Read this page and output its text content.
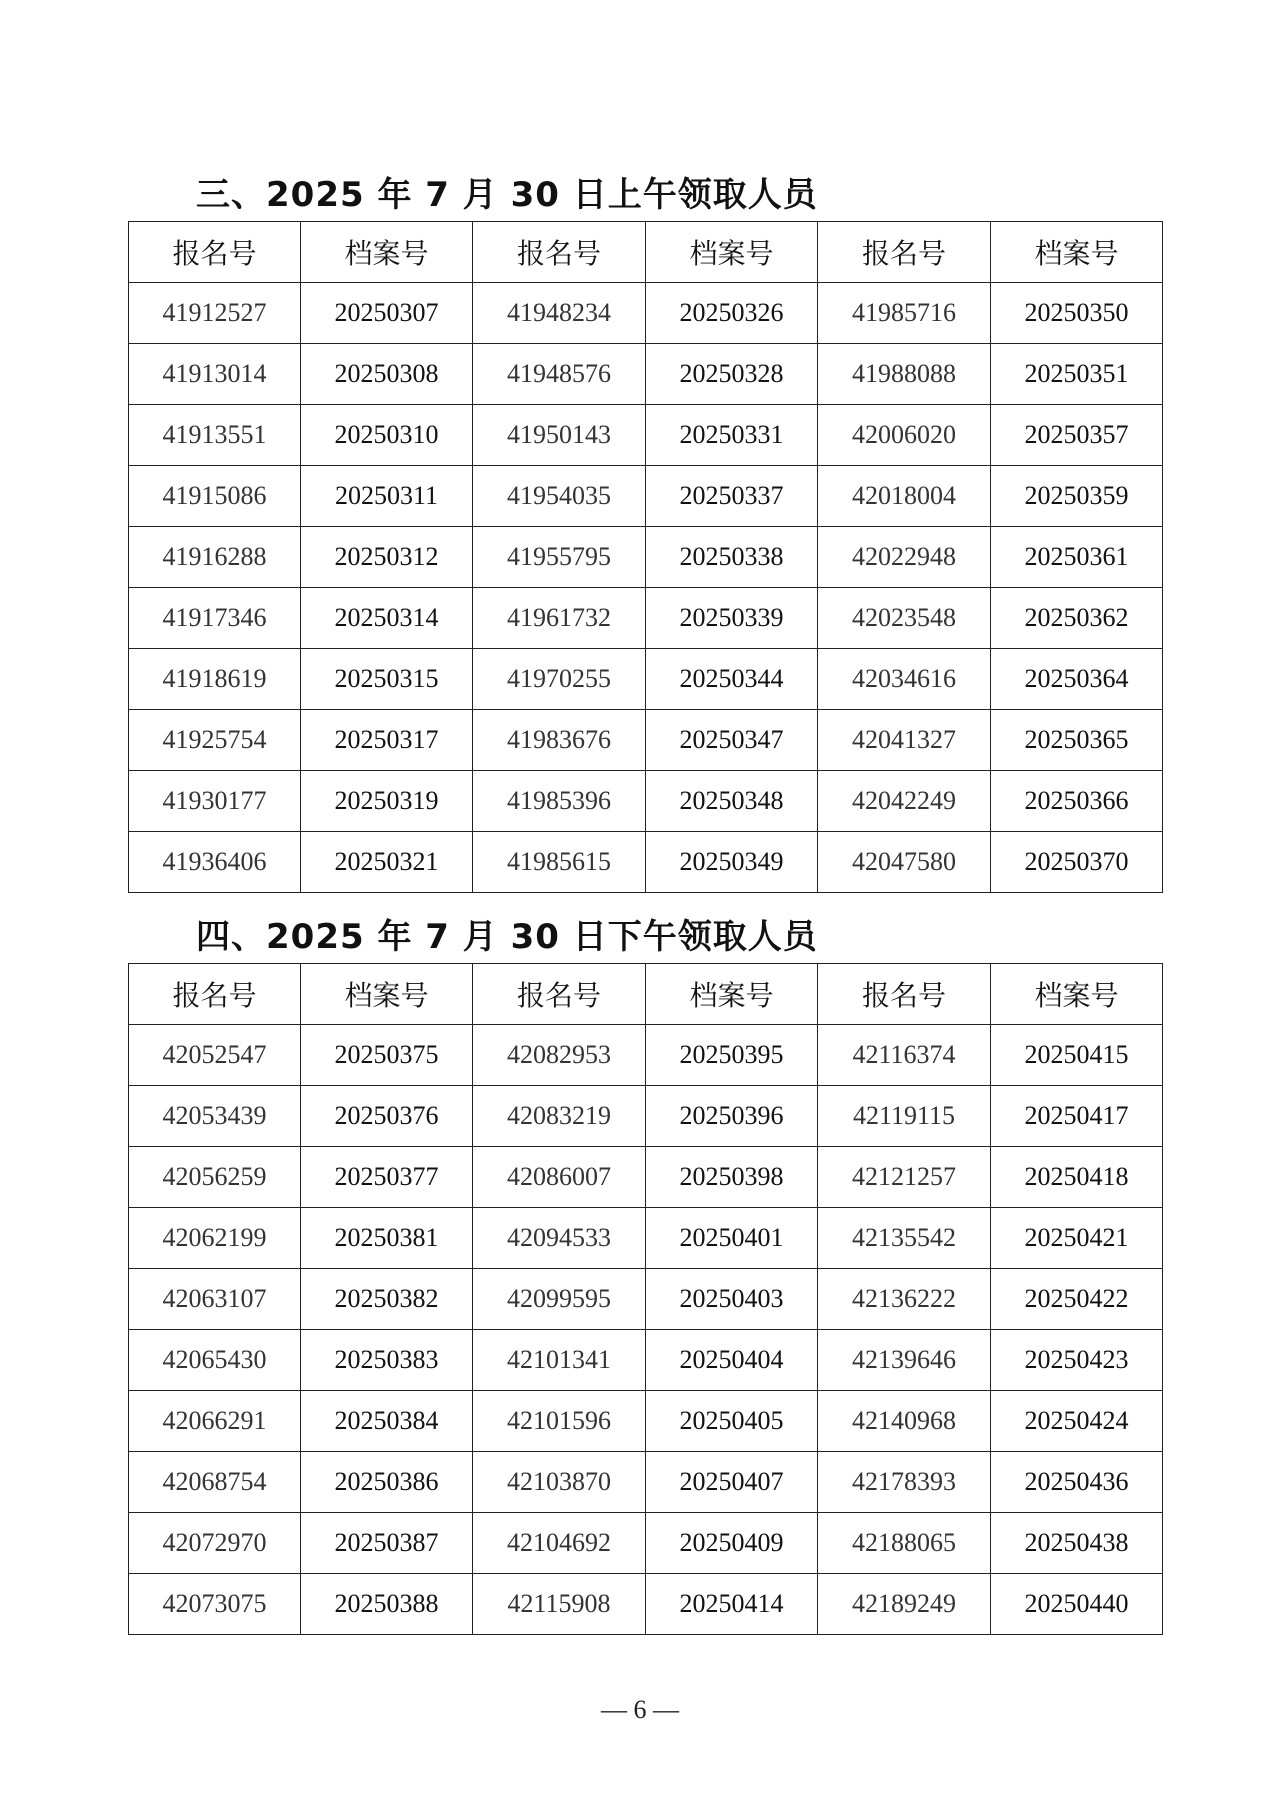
三、2025 年 7 月 30 日上午领取人员
报名号	档案号	报名号	档案号	报名号	档案号
41912527	20250307	41948234	20250326	41985716	20250350
41913014	20250308	41948576	20250328	41988088	20250351
41913551	20250310	41950143	20250331	42006020	20250357
41915086	20250311	41954035	20250337	42018004	20250359
41916288	20250312	41955795	20250338	42022948	20250361
41917346	20250314	41961732	20250339	42023548	20250362
41918619	20250315	41970255	20250344	42034616	20250364
41925754	20250317	41983676	20250347	42041327	20250365
41930177	20250319	41985396	20250348	42042249	20250366
41936406	20250321	41985615	20250349	42047580	20250370
四、2025 年 7 月 30 日下午领取人员
报名号	档案号	报名号	档案号	报名号	档案号
42052547	20250375	42082953	20250395	42116374	20250415
42053439	20250376	42083219	20250396	42119115	20250417
42056259	20250377	42086007	20250398	42121257	20250418
42062199	20250381	42094533	20250401	42135542	20250421
42063107	20250382	42099595	20250403	42136222	20250422
42065430	20250383	42101341	20250404	42139646	20250423
42066291	20250384	42101596	20250405	42140968	20250424
42068754	20250386	42103870	20250407	42178393	20250436
42072970	20250387	42104692	20250409	42188065	20250438
42073075	20250388	42115908	20250414	42189249	20250440
— 6 —
